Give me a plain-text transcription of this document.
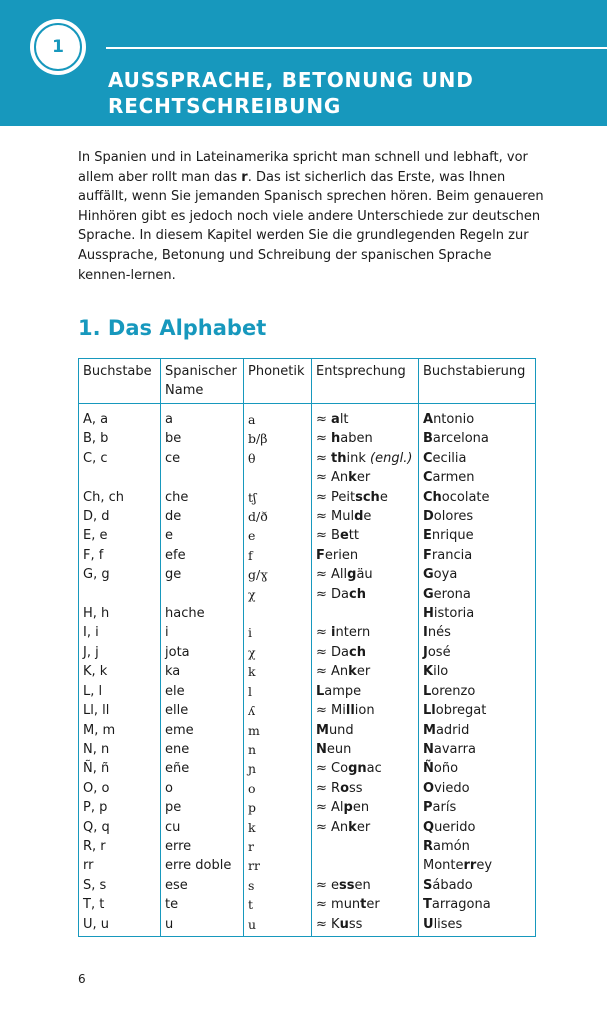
1
AUSSPRACHE, BETONUNG UND
RECHTSCHREIBUNG

In Spanien und in Lateinamerika spricht man schnell und lebhaft, vor allem aber rollt man das r. Das ist sicherlich das Erste, was Ihnen auffällt, wenn Sie jemanden Spanisch sprechen hören. Beim genaueren Hinhören gibt es jedoch noch viele andere Unterschiede zur deutschen Sprache. In diesem Kapitel werden Sie die grundlegenden Regeln zur Aussprache, Betonung und Schreibung der spanischen Sprache kennen-lernen.

1. Das Alphabet
Buchstabe	Spanischer Name	Phonetik	Entsprechung	Buchstabierung
A, a	a	a	≈ alt	Antonio
B, b	be	b/β	≈ haben	Barcelona
C, c	ce	θ	≈ think (engl.)	Cecilia
			≈ Anker	Carmen
Ch, ch	che	tʃ	≈ Peitsche	Chocolate
D, d	de	d/ð	≈ Mulde	Dolores
E, e	e	e	≈ Bett	Enrique
F, f	efe	f	Ferien	Francia
G, g	ge	g/ɣ	≈ Allgäu	Goya
		χ	≈ Dach	Gerona
H, h	hache			Historia
I, i	i	i	≈ intern	Inés
J, j	jota	χ	≈ Dach	José
K, k	ka	k	≈ Anker	Kilo
L, l	ele	l	Lampe	Lorenzo
Ll, ll	elle	ʎ	≈ Million	Llobregat
M, m	eme	m	Mund	Madrid
N, n	ene	n	Neun	Navarra
Ñ, ñ	eñe	ɲ	≈ Cognac	Ñoño
O, o	o	o	≈ Ross	Oviedo
P, p	pe	p	≈ Alpen	París
Q, q	cu	k	≈ Anker	Querido
R, r	erre	r		Ramón
rr	erre doble	rr		Monterrey
S, s	ese	s	≈ essen	Sábado
T, t	te	t	≈ munter	Tarragona
U, u	u	u	≈ Kuss	Ulises
6
